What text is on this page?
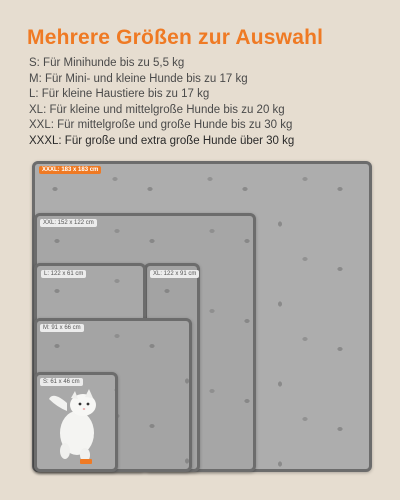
Mehrere Größen zur Auswahl
S: Für Minihunde bis zu 5,5 kg
M: Für Mini- und kleine Hunde bis zu 17 kg
L: Für kleine Haustiere bis zu 17 kg
XL: Für kleine und mittelgroße Hunde bis zu 20 kg
XXL: Für mittelgroße und große Hunde bis zu 30 kg
XXXL: Für große und extra große Hunde über 30 kg
XXXL: 183 x 183 cm
XXL: 152 x 122 cm
L: 122 x 61 cm	XL: 122 x 91 cm
M: 91 x 66 cm
S: 61 x 46 cm
